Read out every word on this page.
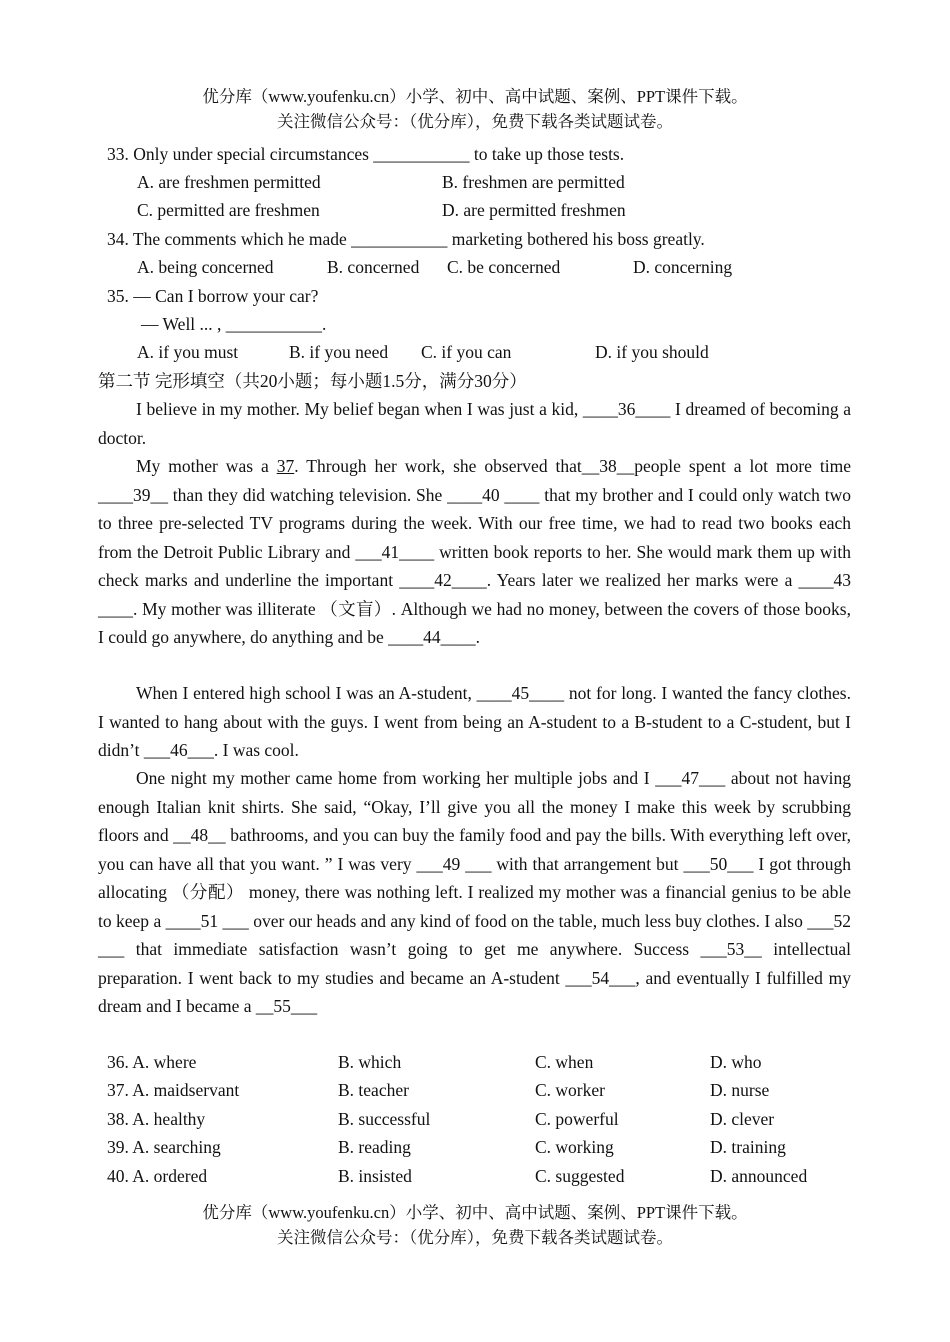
优分库（www.youfenku.cn）小学、初中、高中试题、案例、PPT课件下载。
关注微信公众号：（优分库），免费下载各类试题试卷。
33. Only under special circumstances ___________ to take up those tests.
A. are freshmen permitted	B. freshmen are permitted
C. permitted are freshmen	D. are permitted freshmen
34. The comments which he made ___________ marketing bothered his boss greatly.
A. being concerned	B. concerned C. be concerned	D. concerning
35. — Can I borrow your car?
— Well ... , ___________.
A. if you must	B. if you need C. if you can	D. if you should
第二节 完形填空（共20小题；每小题1.5分，满分30分）
I believe in my mother. My belief began when I was just a kid, ____36____ I dreamed of becoming a doctor.
My mother was a 37. Through her work, she observed that__38__people spent a lot more time ____39__ than they did watching television. She ____40 ____ that my brother and I could only watch two to three pre-selected TV programs during the week. With our free time, we had to read two books each from the Detroit Public Library and ___41____ written book reports to her. She would mark them up with check marks and underline the important ____42____. Years later we realized her marks were a ____43 ____. My mother was illiterate （文盲）. Although we had no money, between the covers of those books, I could go anywhere, do anything and be ____44____.
When I entered high school I was an A-student, ____45____ not for long. I wanted the fancy clothes. I wanted to hang about with the guys. I went from being an A-student to a B-student to a C-student, but I didn’t ___46___. I was cool.
One night my mother came home from working her multiple jobs and I ___47___ about not having enough Italian knit shirts. She said, “Okay, I’ll give you all the money I make this week by scrubbing floors and __48__ bathrooms, and you can buy the family food and pay the bills. With everything left over, you can have all that you want. ” I was very ___49 ___ with that arrangement but ___50___ I got through allocating （分配） money, there was nothing left. I realized my mother was a financial genius to be able to keep a ____51 ___ over our heads and any kind of food on the table, much less buy clothes. I also ___52 ___ that immediate satisfaction wasn’t going to get me anywhere. Success ___53__ intellectual preparation. I went back to my studies and became an A-student ___54___, and eventually I fulfilled my dream and I became a __55___
36. A. where	B. which	C. when	D. who
37. A. maidservant	B. teacher	C. worker	D. nurse
38. A. healthy	B. successful	C. powerful	D. clever
39. A. searching	B. reading	C. working	D. training
40. A. ordered	B. insisted	C. suggested	D. announced
优分库（www.youfenku.cn）小学、初中、高中试题、案例、PPT课件下载。
关注微信公众号：（优分库），免费下载各类试题试卷。
